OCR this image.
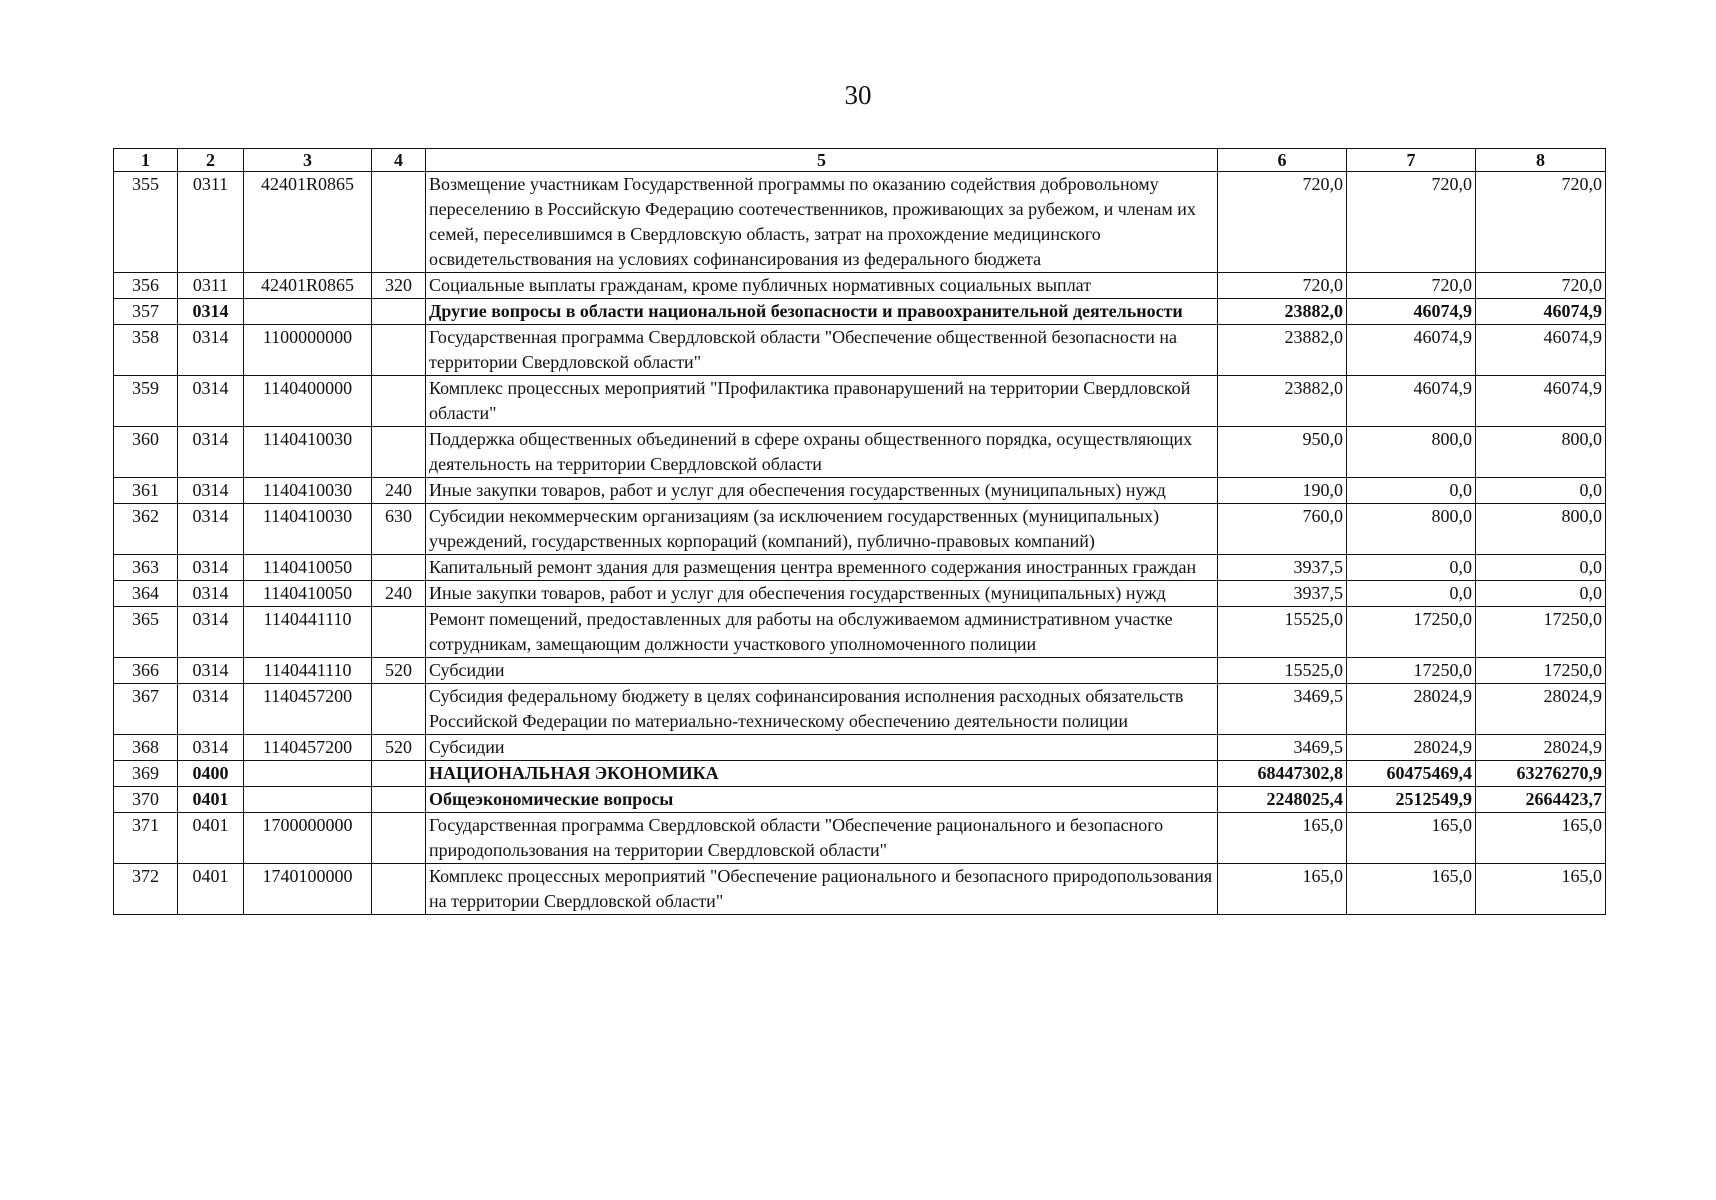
30
1	2	3	4	5	6	7	8
355	0311	42401R0865		Возмещение участникам Государственной программы по оказанию содействия добровольному переселению в Российскую Федерацию соотечественников, проживающих за рубежом, и членам их семей, переселившимся в Свердловскую область, затрат на прохождение медицинского освидетельствования на условиях софинансирования из федерального бюджета	720,0	720,0	720,0
356	0311	42401R0865	320	Социальные выплаты гражданам, кроме публичных нормативных социальных выплат	720,0	720,0	720,0
357	0314			Другие вопросы в области национальной безопасности и правоохранительной деятельности	23882,0	46074,9	46074,9
358	0314	1100000000		Государственная программа Свердловской области "Обеспечение общественной безопасности на территории Свердловской области"	23882,0	46074,9	46074,9
359	0314	1140400000		Комплекс процессных мероприятий "Профилактика правонарушений на территории Свердловской области"	23882,0	46074,9	46074,9
360	0314	1140410030		Поддержка общественных объединений в сфере охраны общественного порядка, осуществляющих деятельность на территории Свердловской области	950,0	800,0	800,0
361	0314	1140410030	240	Иные закупки товаров, работ и услуг для обеспечения государственных (муниципальных) нужд	190,0	0,0	0,0
362	0314	1140410030	630	Субсидии некоммерческим организациям (за исключением государственных (муниципальных) учреждений, государственных корпораций (компаний), публично-правовых компаний)	760,0	800,0	800,0
363	0314	1140410050		Капитальный ремонт здания для размещения центра временного содержания иностранных граждан	3937,5	0,0	0,0
364	0314	1140410050	240	Иные закупки товаров, работ и услуг для обеспечения государственных (муниципальных) нужд	3937,5	0,0	0,0
365	0314	1140441110		Ремонт помещений, предоставленных для работы на обслуживаемом административном участке сотрудникам, замещающим должности участкового уполномоченного полиции	15525,0	17250,0	17250,0
366	0314	1140441110	520	Субсидии	15525,0	17250,0	17250,0
367	0314	1140457200		Субсидия федеральному бюджету в целях софинансирования исполнения расходных обязательств Российской Федерации по материально-техническому обеспечению деятельности полиции	3469,5	28024,9	28024,9
368	0314	1140457200	520	Субсидии	3469,5	28024,9	28024,9
369	0400			НАЦИОНАЛЬНАЯ ЭКОНОМИКА	68447302,8	60475469,4	63276270,9
370	0401			Общеэкономические вопросы	2248025,4	2512549,9	2664423,7
371	0401	1700000000		Государственная программа Свердловской области "Обеспечение рационального и безопасного природопользования на территории Свердловской области"	165,0	165,0	165,0
372	0401	1740100000		Комплекс процессных мероприятий "Обеспечение рационального и безопасного природопользования на территории Свердловской области"	165,0	165,0	165,0
